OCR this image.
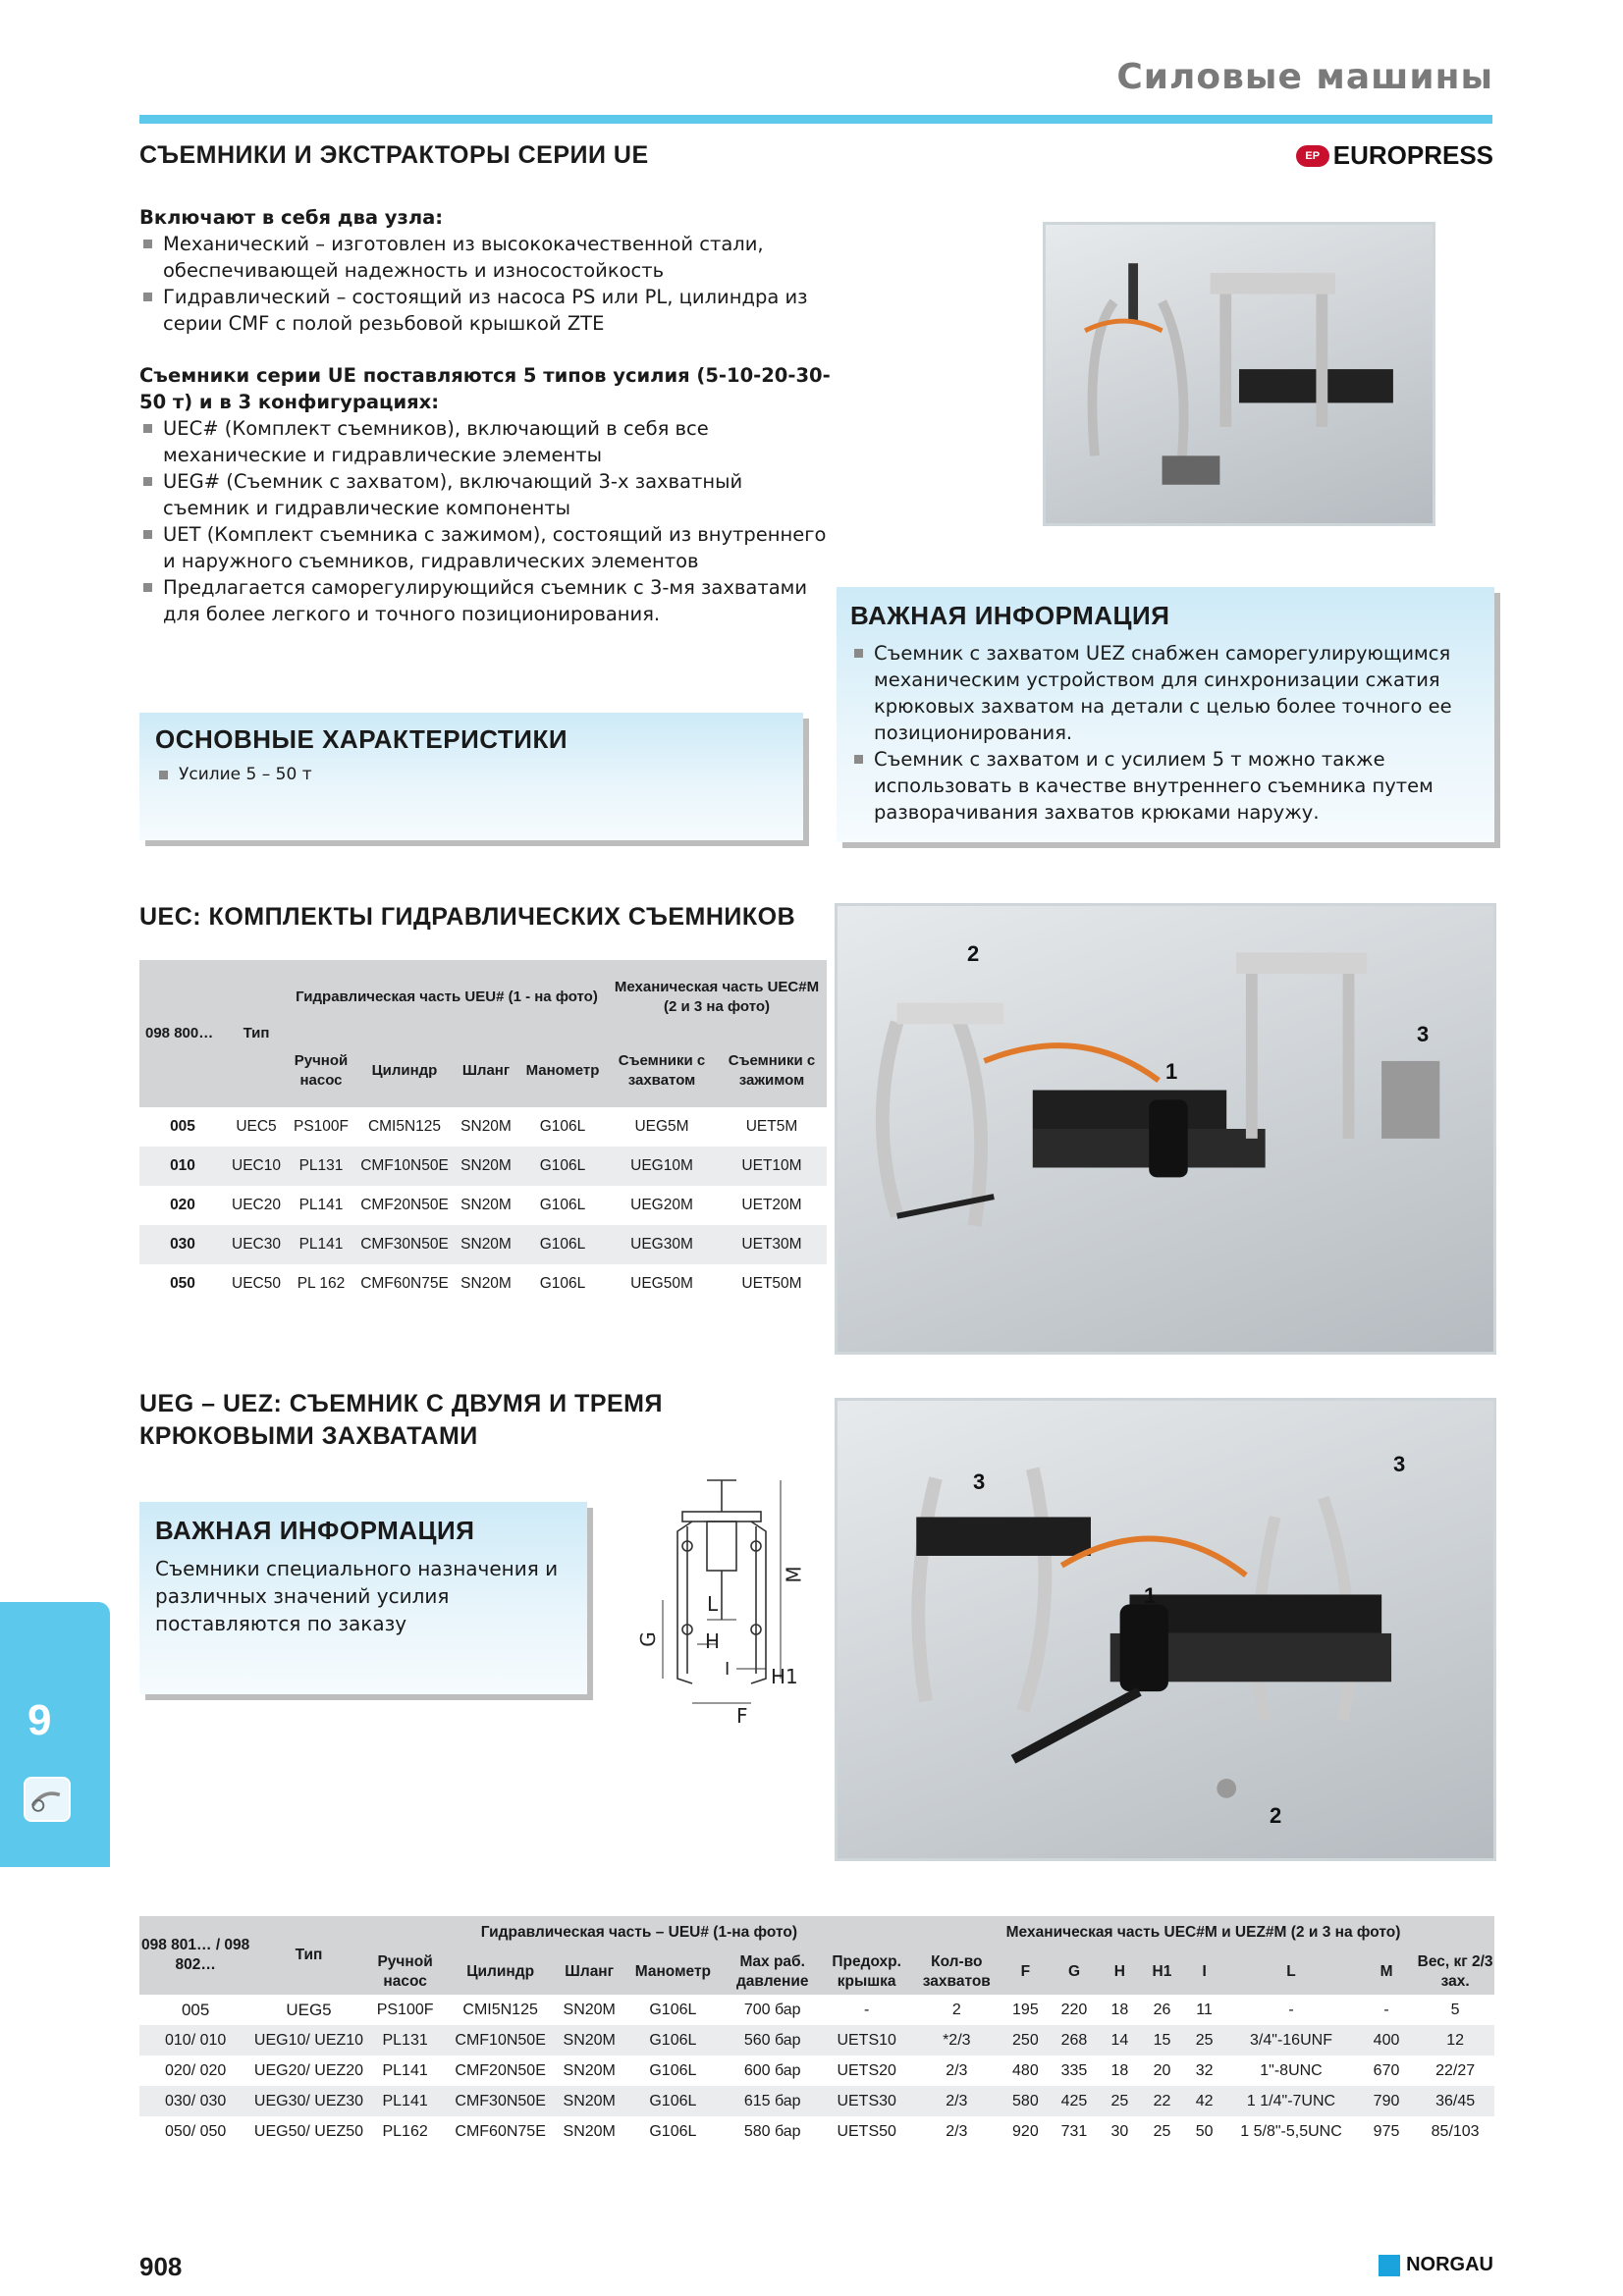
Силовые машины
СЪЕМНИКИ И ЭКСТРАКТОРЫ СЕРИИ UE	EP EUROPRESS
Включают в себя два узла:
Механический – изготовлен из высококачественной стали, обеспечивающей надежность и износостойкость
Гидравлический – состоящий из насоса PS или PL, цилиндра из серии CMF с полой резьбовой крышкой ZTE
Съемники серии UE поставляются 5 типов усилия (5-10-20-30- 50 т) и в 3 конфигурациях:
UEC# (Комплект съемников), включающий в себя все механические и гидравлические элементы
UEG# (Съемник с захватом), включающий 3-х захватный съемник и гидравлические компоненты
UET (Комплект съемника с зажимом), состоящий из внутреннего и наружного съемников, гидравлических элементов
Предлагается саморегулирующийся съемник с 3-мя захватами для более легкого и точного позиционирования.	ВАЖНАЯ ИНФОРМАЦИЯ
Съемник с захватом UEZ снабжен саморегулирующимся механическим устройством для синхронизации сжатия крюковых захватом на детали с целью более точного ее позиционирования.
Съемник с захватом и с усилием 5 т можно также использовать в качестве внутреннего съемника путем разворачивания захватов крюками наружу.
ОСНОВНЫЕ ХАРАКТЕРИСТИКИ
Усилие 5 – 50 т
UEC: КОМПЛЕКТЫ ГИДРАВЛИЧЕСКИХ СЪЕМНИКОВ
098 800…	Тип	Гидравлическая часть UEU# (1 - на фото)				Механическая часть UEC#M (2 и 3 на фото)	
		Ручной насос	Цилиндр	Шланг	Манометр	Съемники с захватом	Съемники с зажимом
005	UEC5	PS100F	CMI5N125	SN20M	G106L	UEG5M	UET5M
010	UEC10	PL131	CMF10N50E	SN20M	G106L	UEG10M	UET10M
020	UEC20	PL141	CMF20N50E	SN20M	G106L	UEG20M	UET20M
030	UEC30	PL141	CMF30N50E	SN20M	G106L	UEG30M	UET30M
050	UEC50	PL 162	CMF60N75E	SN20M	G106L	UEG50M	UET50M
2
1
3
UEG – UEZ: СЪЕМНИК С ДВУМЯ И ТРЕМЯ
КРЮКОВЫМИ ЗАХВАТАМИ
ВАЖНАЯ ИНФОРМАЦИЯ
Съемники специального назначения и различных значений усилия поставляются по заказу
M
L
G H
I H1
F
3
3
1
2
098 801… / 098 802…	Тип	Гидравлическая часть – UEU# (1-на фото)						Механическая часть UEC#M и UEZ#M (2 и 3 на фото)								
		Ручной насос	Цилиндр	Шланг	Манометр	Max раб. давление	Предохр. крышка	Кол-во захватов	F	G	H	H1	I	L	M	Вес, кг 2/3 зах.
005	UEG5	PS100F	CMI5N125	SN20M	G106L	700 бар	-	2	195	220	18	26	11	-	-	5
010/ 010	UEG10/ UEZ10	PL131	CMF10N50E	SN20M	G106L	560 бар	UETS10	*2/3	250	268	14	15	25	3/4"-16UNF	400	12
020/ 020	UEG20/ UEZ20	PL141	CMF20N50E	SN20M	G106L	600 бар	UETS20	2/3	480	335	18	20	32	1"-8UNC	670	22/27
030/ 030	UEG30/ UEZ30	PL141	CMF30N50E	SN20M	G106L	615 бар	UETS30	2/3	580	425	25	22	42	1 1/4"-7UNC	790	36/45
050/ 050	UEG50/ UEZ50	PL162	CMF60N75E	SN20M	G106L	580 бар	UETS50	2/3	920	731	30	25	50	1 5/8"-5,5UNC	975	85/103
9
908	NORGAU
